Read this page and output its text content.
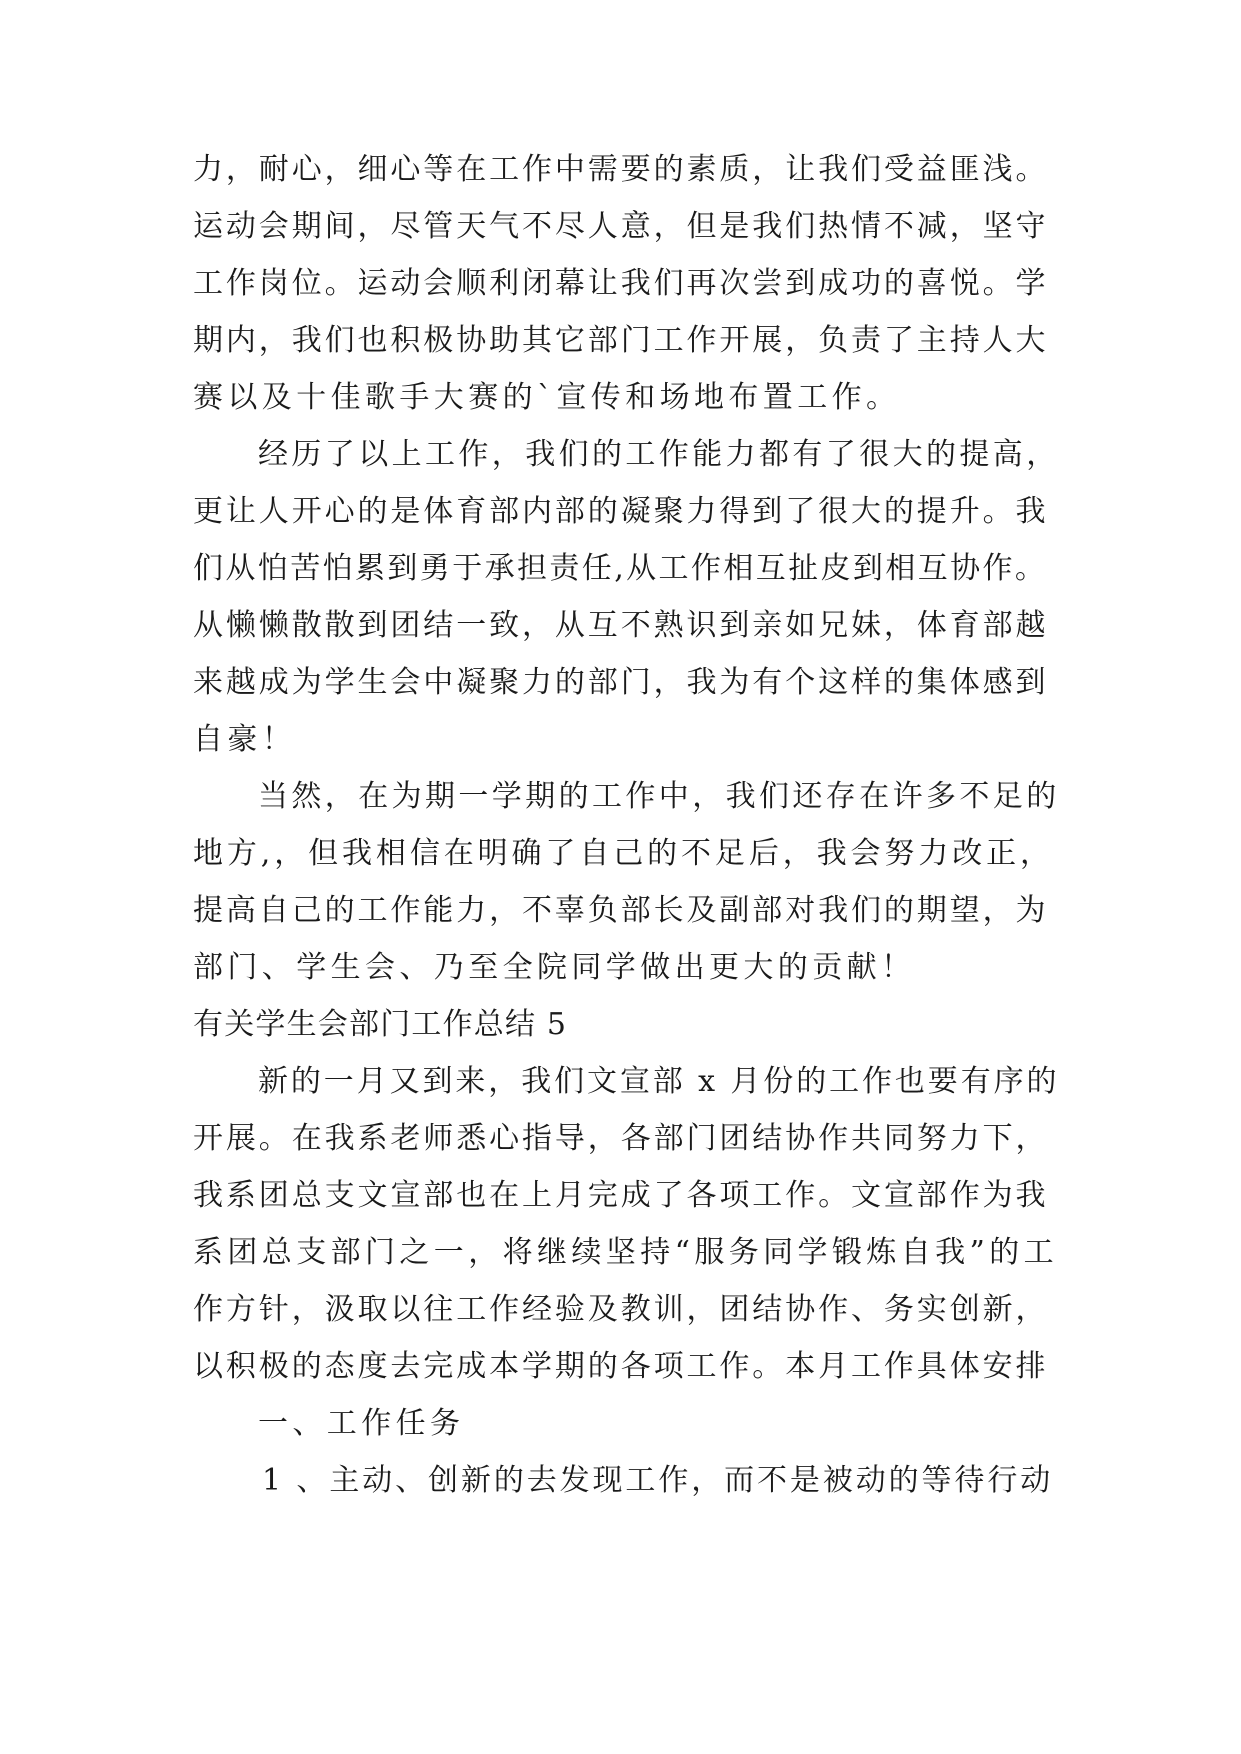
力，耐心，细心等在工作中需要的素质，让我们受益匪浅。
运动会期间，尽管天气不尽人意，但是我们热情不减，坚守
工作岗位。运动会顺利闭幕让我们再次尝到成功的喜悦。学
期内，我们也积极协助其它部门工作开展，负责了主持人大
赛以及十佳歌手大赛的`宣传和场地布置工作。
经历了以上工作，我们的工作能力都有了很大的提高，
更让人开心的是体育部内部的凝聚力得到了很大的提升。我
们从怕苦怕累到勇于承担责任,从工作相互扯皮到相互协作。
从懒懒散散到团结一致，从互不熟识到亲如兄妹，体育部越
来越成为学生会中凝聚力的部门，我为有个这样的集体感到
自豪！
当然，在为期一学期的工作中，我们还存在许多不足的
地方,，但我相信在明确了自己的不足后，我会努力改正，
提高自己的工作能力，不辜负部长及副部对我们的期望，为
部门、学生会、乃至全院同学做出更大的贡献！
有关学生会部门工作总结 5
新的一月又到来，我们文宣部 x 月份的工作也要有序的
开展。在我系老师悉心指导，各部门团结协作共同努力下，
我系团总支文宣部也在上月完成了各项工作。文宣部作为我
系团总支部门之一，将继续坚持“服务同学锻炼自我”的工
作方针，汲取以往工作经验及教训，团结协作、务实创新，
以积极的态度去完成本学期的各项工作。本月工作具体安排
一、工作任务
1 、主动、创新的去发现工作，而不是被动的等待行动
